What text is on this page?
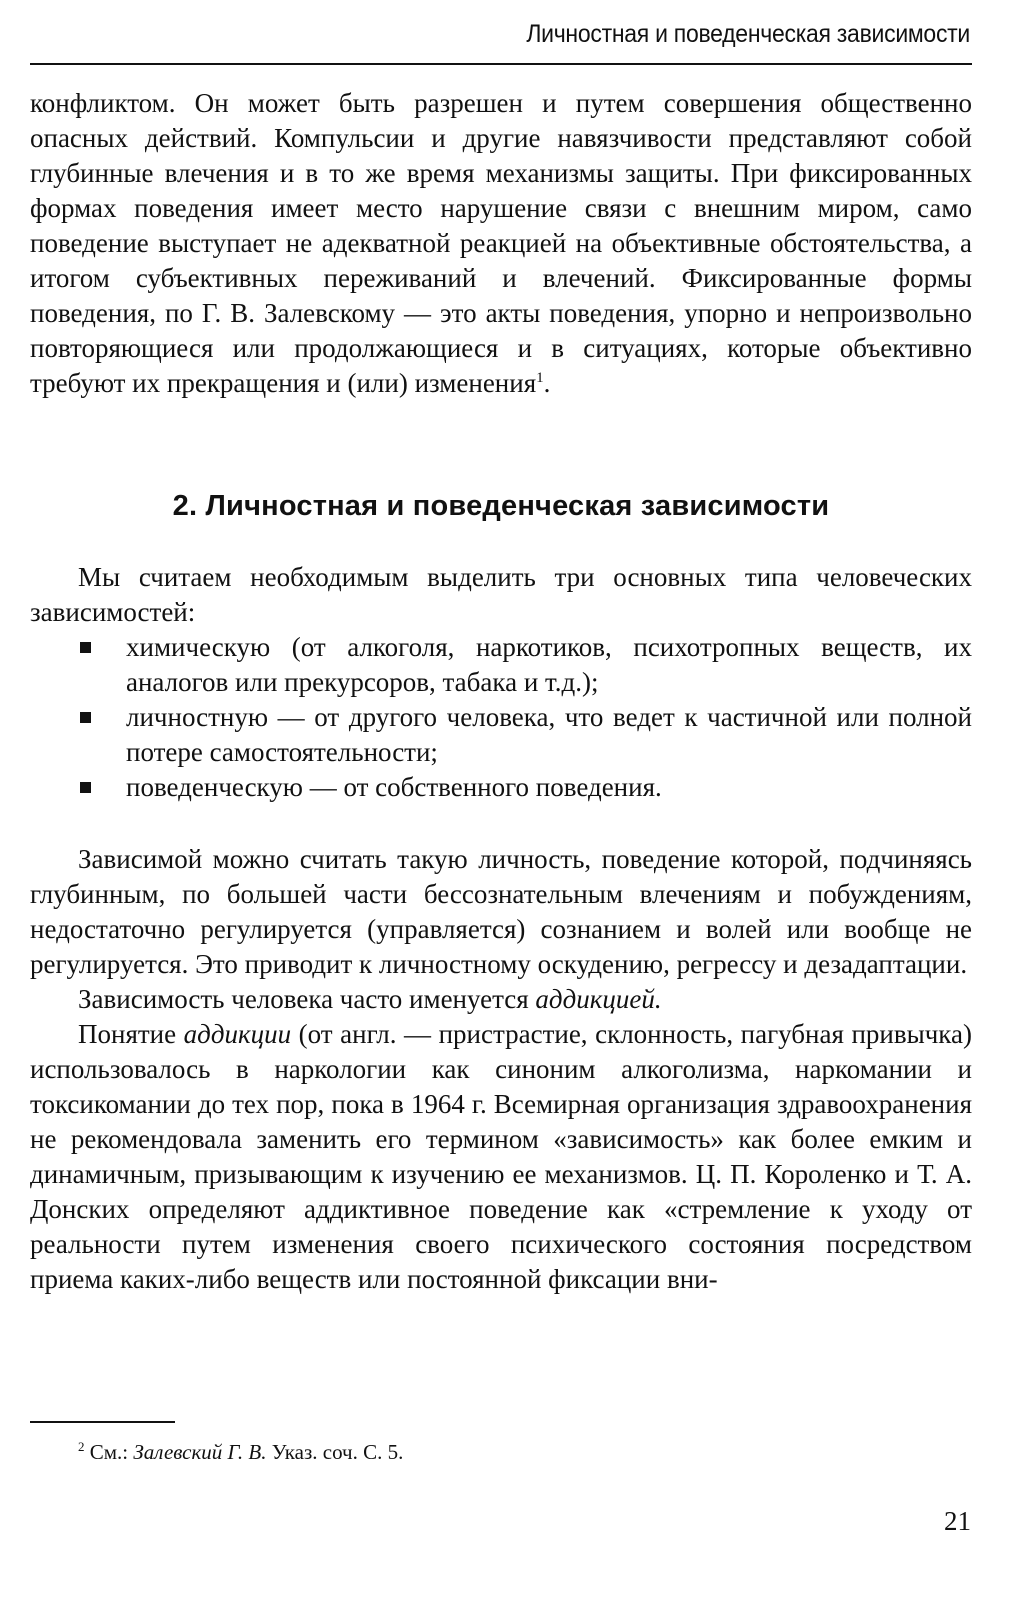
Личностная и поведенческая зависимости

конфликтом. Он может быть разрешен и путем совершения общественно опасных действий. Компульсии и другие навязчивости представляют собой глубинные влечения и в то же время механизмы защиты. При фиксированных формах поведения имеет место нарушение связи с внешним миром, само поведение выступает не адекватной реакцией на объективные обстоятельства, а итогом субъективных переживаний и влечений. Фиксированные формы поведения, по Г. В. Залевскому — это акты поведения, упорно и непроизвольно повторяющиеся или продолжающиеся и в ситуациях, которые объективно требуют их прекращения и (или) изменения$^1$.

2. Личностная и поведенческая зависимости

Мы считаем необходимым выделить три основных типа человеческих зависимостей:

химическую (от алкоголя, наркотиков, психотропных веществ, их аналогов или прекурсоров, табака и т.д.);
личностную — от другого человека, что ведет к частичной или полной потере самостоятельности;
поведенческую — от собственного поведения.

Зависимой можно считать такую личность, поведение которой, подчиняясь глубинным, по большей части бессознательным влечениям и побуждениям, недостаточно регулируется (управляется) сознанием и волей или вообще не регулируется. Это приводит к личностному оскудению, регрессу и дезадаптации.

Зависимость человека часто именуется аддикцией.

Понятие аддикции (от англ. — пристрастие, склонность, пагубная привычка) использовалось в наркологии как синоним алкоголизма, наркомании и токсикомании до тех пор, пока в 1964 г. Всемирная организация здравоохранения не рекомендовала заменить его термином «зависимость» как более емким и динамичным, призывающим к изучению ее механизмов. Ц. П. Короленко и Т. А. Донских определяют аддиктивное поведение как «стремление к уходу от реальности путем изменения своего психического состояния посредством приема каких-либо веществ или постоянной фиксации вни-

$^2$ См.: Залевский Г. В. Указ. соч. С. 5.
21
